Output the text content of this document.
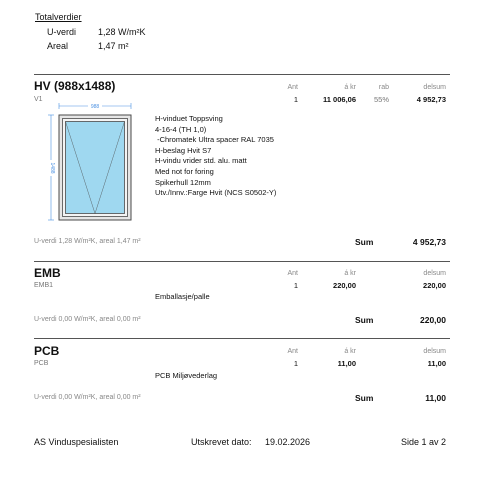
Totalverdier
U-verdi 1,28 W/m²K
Areal	1,47 m²
HV (988x1488)
V1
Ant	á kr	rab	delsum
1	11 006,06 55%	4 952,73
988
1488
H-vinduet Toppsving
4-16-4 (TH 1,0)
-Chromatek Ultra spacer RAL 7035
H-beslag Hvit S7
H-vindu vrider std. alu. matt
Med not for foring
Spikerhull 12mm
Utv./Innv.:Farge Hvit (NCS S0502-Y)
U-verdi 1,28 W/m²K, areal 1,47 m²	Sum	4 952,73
EMB
EMB1
Ant	á kr	delsum
1	220,00	220,00
Emballasje/palle
U-verdi 0,00 W/m²K, areal 0,00 m²	Sum	220,00
PCB
PCB
Ant	á kr	delsum
1	11,00	11,00
PCB Miljøvederlag
U-verdi 0,00 W/m²K, areal 0,00 m²	Sum	11,00
AS Vinduspesialisten	Utskrevet dato: 19.02.2026	Side 1 av 2
